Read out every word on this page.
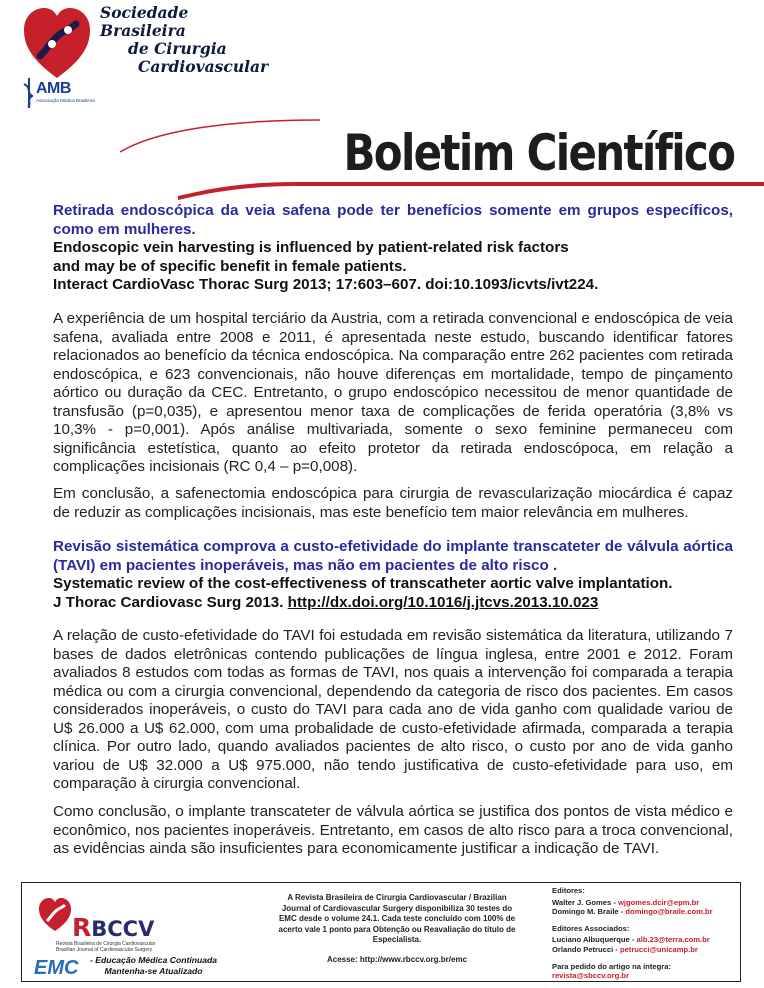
Sociedade Brasileira
de Cirurgia
Cardiovascular
AMB
Associação Médica Brasileira
Boletim Científico
Retirada endoscópica da veia safena pode ter benefícios somente em grupos específicos, como em mulheres.
Endoscopic vein harvesting is influenced by patient-related risk factors
and may be of specific benefit in female patients.
Interact CardioVasc Thorac Surg 2013; 17:603–607. doi:10.1093/icvts/ivt224.
A experiência de um hospital terciário da Austria, com a retirada convencional e endoscópica de veia safena, avaliada entre 2008 e 2011, é apresentada neste estudo, buscando identificar fatores relacionados ao benefício da técnica endoscópica. Na comparação entre 262 pacientes com retirada endoscópica, e 623 convencionais, não houve diferenças em mortalidade, tempo de pinçamento aórtico ou duração da CEC. Entretanto, o grupo endoscópico necessitou de menor quantidade de transfusão (p=0,035), e apresentou menor taxa de complicações de ferida operatória (3,8% vs 10,3% - p=0,001). Após análise multivariada, somente o sexo feminine permaneceu com significância estetística, quanto ao efeito protetor da retirada endoscópoca, em relação a complicações incisionais (RC 0,4 – p=0,008).
Em conclusão, a safenectomia endoscópica para cirurgia de revascularização miocárdica é capaz de reduzir as complicações incisionais, mas este benefício tem maior relevância em mulheres.
Revisão sistemática comprova a custo-efetividade do implante transcateter de válvula aórtica (TAVI) em pacientes inoperáveis, mas não em pacientes de alto risco .
Systematic review of the cost-effectiveness of transcatheter aortic valve implantation.
J Thorac Cardiovasc Surg 2013. http://dx.doi.org/10.1016/j.jtcvs.2013.10.023
A relação de custo-efetividade do TAVI foi estudada em revisão sistemática da literatura, utilizando 7 bases de dados eletrônicas contendo publicações de língua inglesa, entre 2001 e 2012. Foram avaliados 8 estudos com todas as formas de TAVI, nos quais a intervenção foi comparada a terapia médica ou com a cirurgia convencional, dependendo da categoria de risco dos pacientes. Em casos considerados inoperáveis, o custo do TAVI para cada ano de vida ganho com qualidade variou de U$ 26.000 a U$ 62.000, com uma probalidade de custo-efetividade afirmada, comparada a terapia clínica. Por outro lado, quando avaliados pacientes de alto risco, o custo por ano de vida ganho variou de U$ 32.000 a U$ 975.000, não tendo justificativa de custo-efetividade para uso, em comparação à cirurgia convencional.
Como conclusão, o implante transcateter de válvula aórtica se justifica dos pontos de vista médico e econômico, nos pacientes inoperáveis. Entretanto, em casos de alto risco para a troca convencional, as evidências ainda são insuficientes para economicamente justificar a indicação de TAVI.
RBCCV
Revista Brasileira de Cirurgia Cardiovascular
Brazilian Journal of Cardiovascular Surgery
EMC - Educação Médica Continuada
Mantenha-se Atualizado
A Revista Brasileira de Cirurgia Cardiovascular / Brazilian Journal of Cardiovascular Surgery disponibiliza 30 testes do EMC desde o volume 24.1. Cada teste concluído com 100% de acerto vale 1 ponto para Obtenção ou Reavaliação do título de Especialista.
Acesse: http://www.rbccv.org.br/emc
Editores:
Walter J. Gomes - wjgomes.dcir@epm.br
Domingo M. Braile - domingo@braile.com.br
Editores Associados:
Luciano Albuquerque - alb.23@terra.com.br
Orlando Petrucci - petrucci@unicamp.br
Para pedido do artigo na íntegra:
revista@sbccv.org.br
